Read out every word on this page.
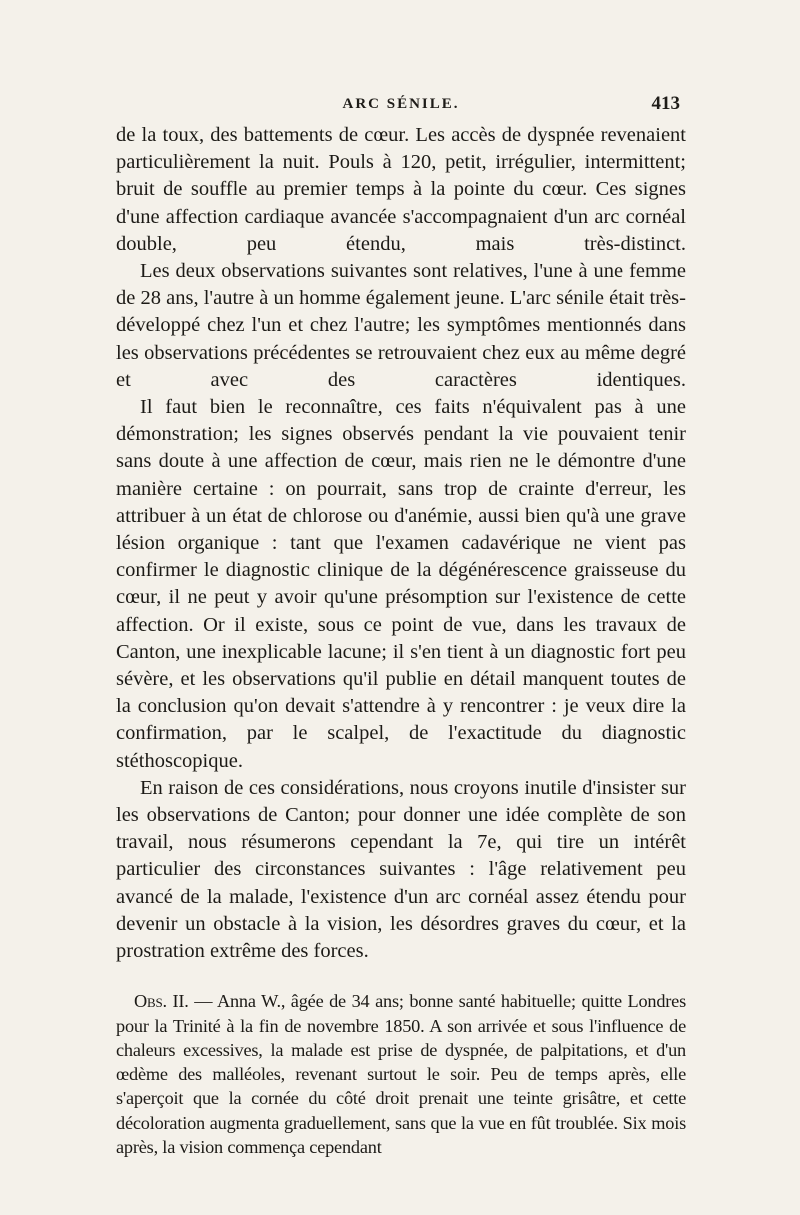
ARC SÉNILE.	413

de la toux, des battements de cœur. Les accès de dyspnée revenaient particulièrement la nuit. Pouls à 120, petit, irrégulier, intermittent; bruit de souffle au premier temps à la pointe du cœur. Ces signes d'une affection cardiaque avancée s'accompagnaient d'un arc cornéal double, peu étendu, mais très-distinct.

Les deux observations suivantes sont relatives, l'une à une femme de 28 ans, l'autre à un homme également jeune. L'arc sénile était très-développé chez l'un et chez l'autre; les symptômes mentionnés dans les observations précédentes se retrouvaient chez eux au même degré et avec des caractères identiques.

Il faut bien le reconnaître, ces faits n'équivalent pas à une démonstration; les signes observés pendant la vie pouvaient tenir sans doute à une affection de cœur, mais rien ne le démontre d'une manière certaine : on pourrait, sans trop de crainte d'erreur, les attribuer à un état de chlorose ou d'anémie, aussi bien qu'à une grave lésion organique : tant que l'examen cadavérique ne vient pas confirmer le diagnostic clinique de la dégénérescence graisseuse du cœur, il ne peut y avoir qu'une présomption sur l'existence de cette affection. Or il existe, sous ce point de vue, dans les travaux de Canton, une inexplicable lacune; il s'en tient à un diagnostic fort peu sévère, et les observations qu'il publie en détail manquent toutes de la conclusion qu'on devait s'attendre à y rencontrer : je veux dire la confirmation, par le scalpel, de l'exactitude du diagnostic stéthoscopique.

En raison de ces considérations, nous croyons inutile d'insister sur les observations de Canton; pour donner une idée complète de son travail, nous résumerons cependant la 7e, qui tire un intérêt particulier des circonstances suivantes : l'âge relativement peu avancé de la malade, l'existence d'un arc cornéal assez étendu pour devenir un obstacle à la vision, les désordres graves du cœur, et la prostration extrême des forces.

Obs. II. — Anna W., âgée de 34 ans; bonne santé habituelle; quitte Londres pour la Trinité à la fin de novembre 1850. A son arrivée et sous l'influence de chaleurs excessives, la malade est prise de dyspnée, de palpitations, et d'un œdème des malléoles, revenant surtout le soir. Peu de temps après, elle s'aperçoit que la cornée du côté droit prenait une teinte grisâtre, et cette décoloration augmenta graduellement, sans que la vue en fût troublée. Six mois après, la vision commença cependant
